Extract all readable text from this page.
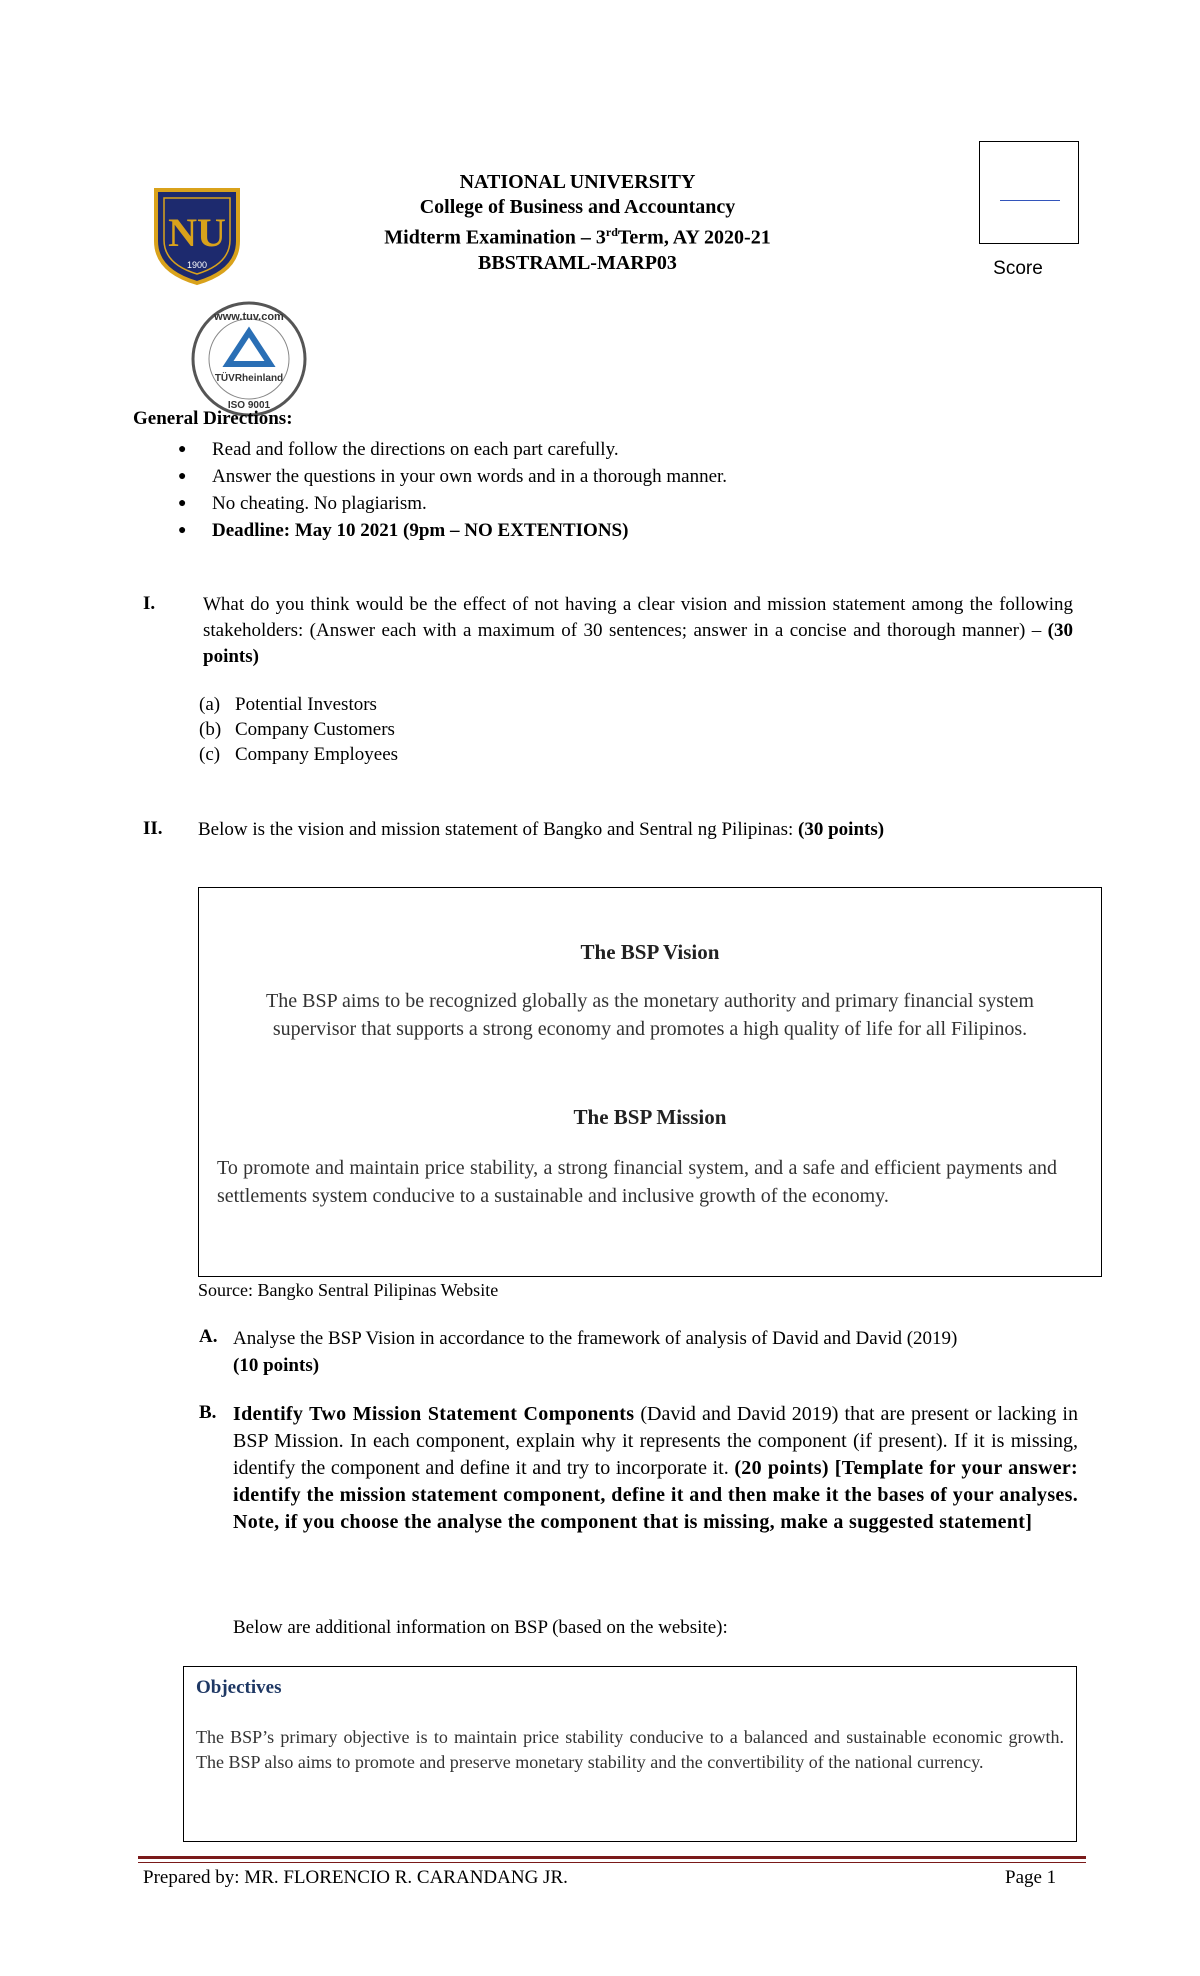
NATIONAL UNIVERSITY
College of Business and Accountancy
Midterm Examination – 3rdTerm, AY 2020-21
BBSTRAML-MARP03
NU
1900
www.tuv.com
TÜVRheinland
ISO 9001
Score
General Directions:
● Read and follow the directions on each part carefully.
● Answer the questions in your own words and in a thorough manner.
● No cheating. No plagiarism.
● Deadline: May 10 2021 (9pm – NO EXTENTIONS)
I.	What do you think would be the effect of not having a clear vision and mission statement among the following stakeholders: (Answer each with a maximum of 30 sentences; answer in a concise and thorough manner) – (30 points)
(a) Potential Investors
(b) Company Customers
(c) Company Employees
II. Below is the vision and mission statement of Bangko and Sentral ng Pilipinas: (30 points)
The BSP Vision
The BSP aims to be recognized globally as the monetary authority and primary financial system supervisor that supports a strong economy and promotes a high quality of life for all Filipinos.
The BSP Mission
To promote and maintain price stability, a strong financial system, and a safe and efficient payments and settlements system conducive to a sustainable and inclusive growth of the economy.
Source: Bangko Sentral Pilipinas Website
A. Analyse the BSP Vision in accordance to the framework of analysis of David and David (2019)
(10 points)
B. Identify Two Mission Statement Components (David and David 2019) that are present or lacking in BSP Mission. In each component, explain why it represents the component (if present). If it is missing, identify the component and define it and try to incorporate it. (20 points) [Template for your answer: identify the mission statement component, define it and then make it the bases of your analyses. Note, if you choose the analyse the component that is missing, make a suggested statement]
Below are additional information on BSP (based on the website):
Objectives
The BSP’s primary objective is to maintain price stability conducive to a balanced and sustainable economic growth. The BSP also aims to promote and preserve monetary stability and the convertibility of the national currency.
Prepared by: MR. FLORENCIO R. CARANDANG JR.	Page 1
